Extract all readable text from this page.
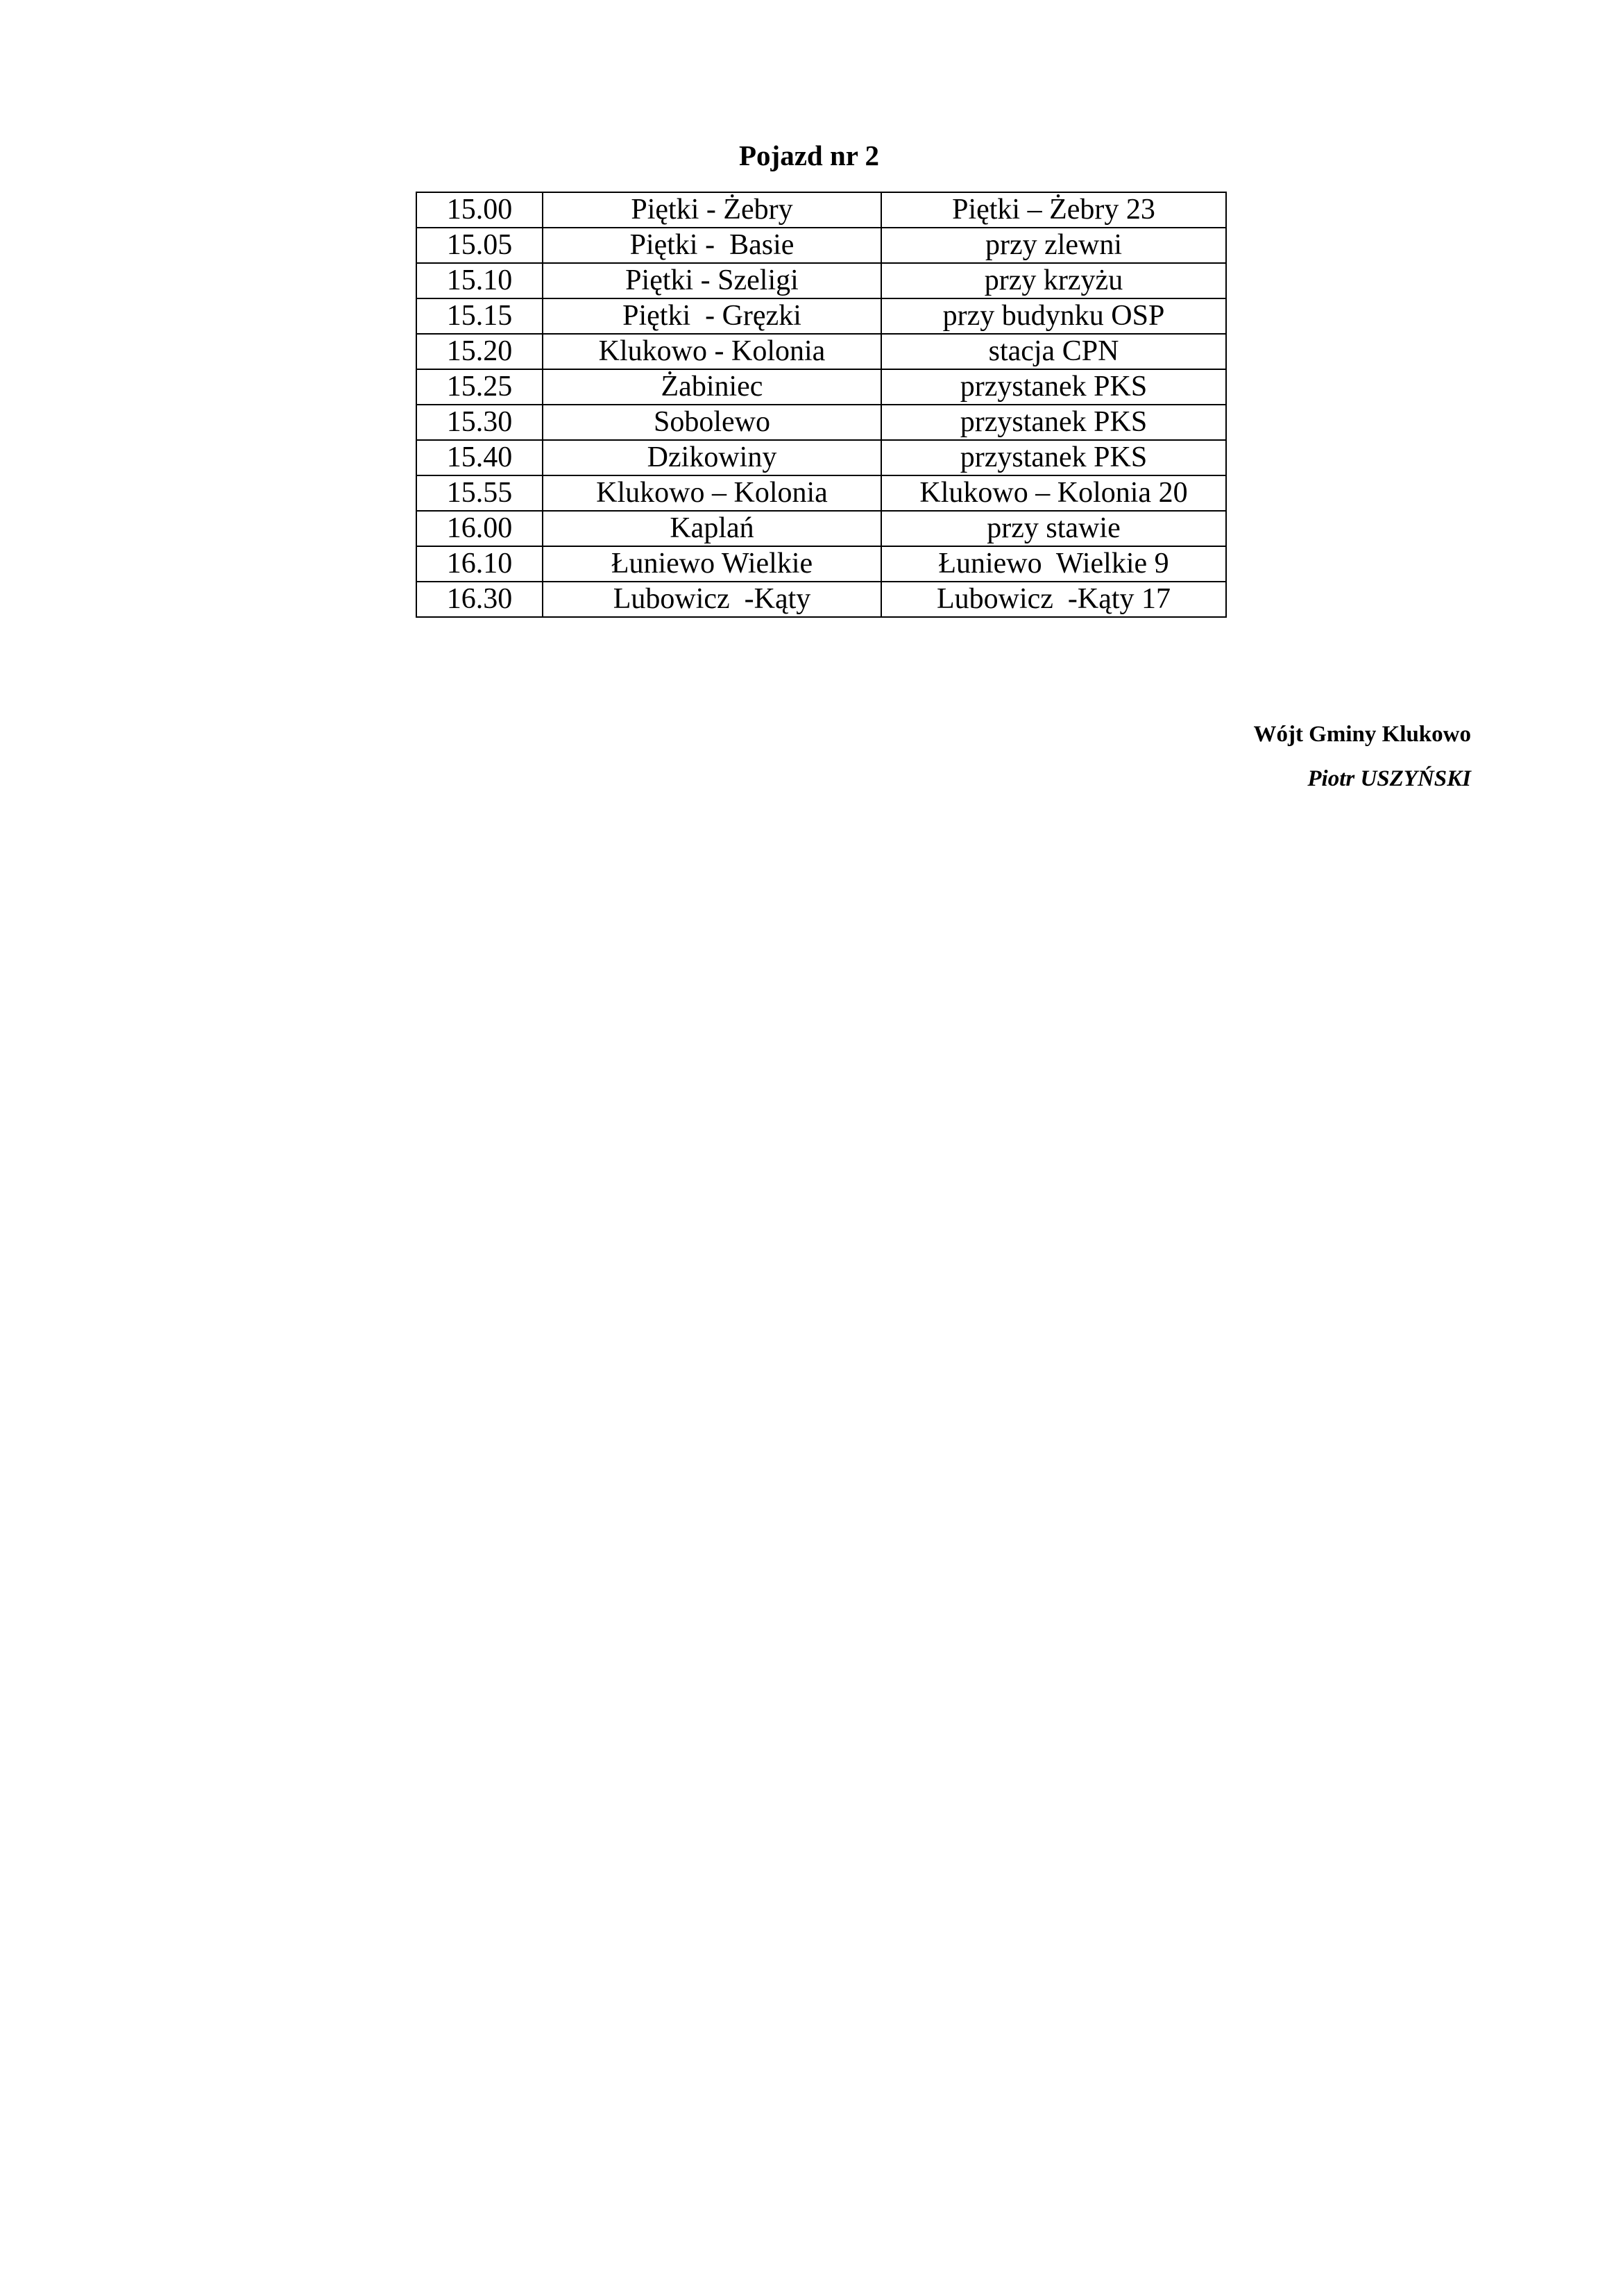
Pojazd nr 2
15.00	Piętki - Żebry	Piętki – Żebry 23
15.05	Piętki -  Basie	przy zlewni
15.10	Piętki - Szeligi	przy krzyżu
15.15	Piętki  - Gręzki	przy budynku OSP
15.20	Klukowo - Kolonia	stacja CPN
15.25	Żabiniec	przystanek PKS
15.30	Sobolewo	przystanek PKS
15.40	Dzikowiny	przystanek PKS
15.55	Klukowo – Kolonia	Klukowo – Kolonia 20
16.00	Kaplań	przy stawie
16.10	Łuniewo Wielkie	Łuniewo  Wielkie 9
16.30	Lubowicz  -Kąty	Lubowicz  -Kąty 17
Wójt Gminy Klukowo
Piotr USZYŃSKI
